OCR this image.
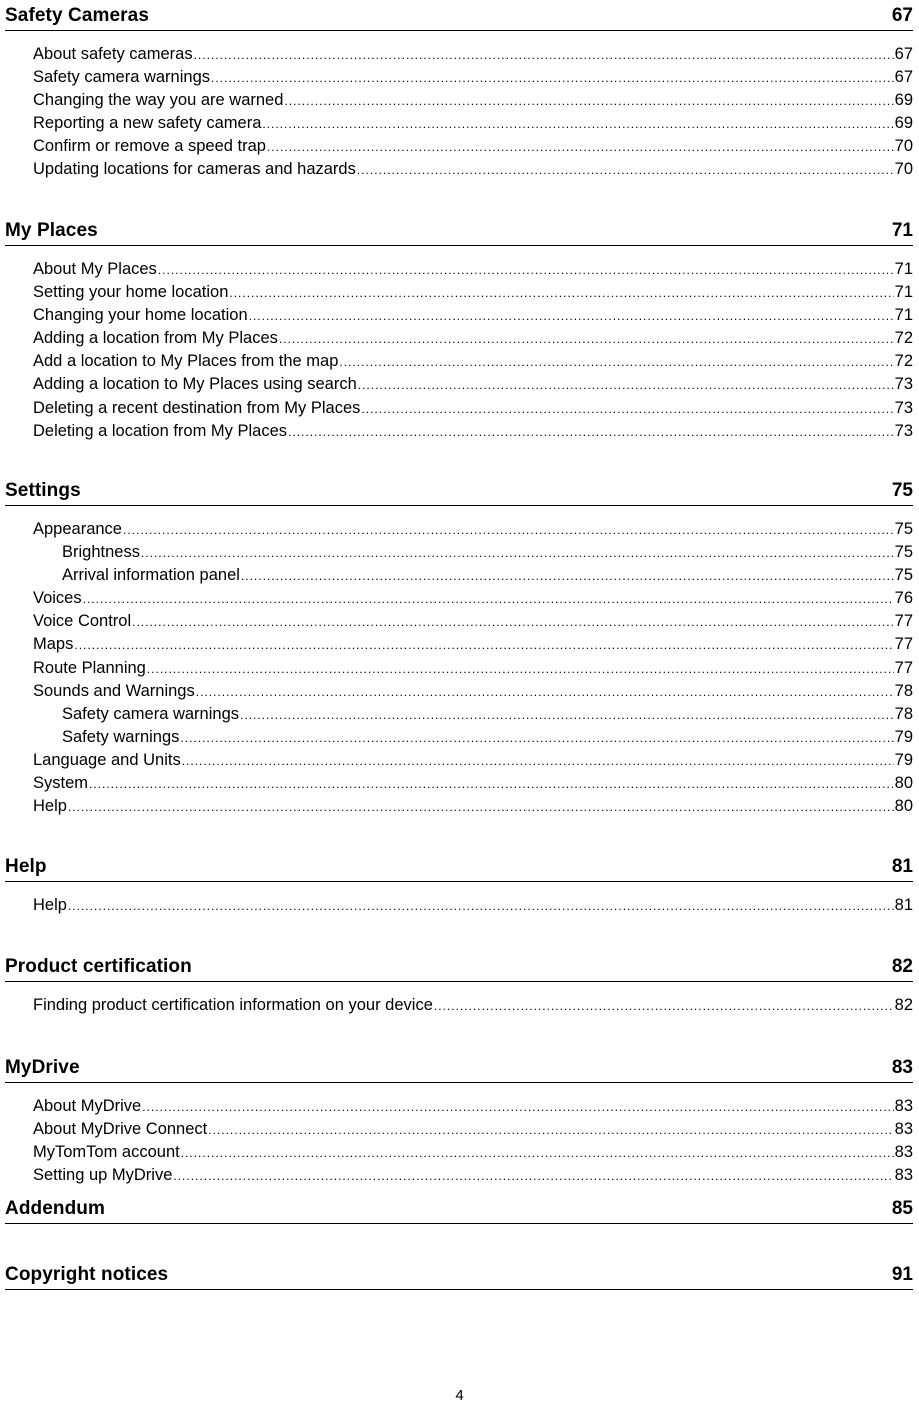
Safety Cameras	67
About safety cameras .....	67
Safety camera warnings .....	67
Changing the way you are warned .....	69
Reporting a new safety camera .....	69
Confirm or remove a speed trap .....	70
Updating locations for cameras and hazards .....	70
My Places	71
About My Places .....	71
Setting your home location .....	71
Changing your home location .....	71
Adding a location from My Places .....	72
Add a location to My Places from the map .....	72
Adding a location to My Places using search .....	73
Deleting a recent destination from My Places .....	73
Deleting a location from My Places .....	73
Settings	75
Appearance .....	75
Brightness .....	75
Arrival information panel .....	75
Voices .....	76
Voice Control .....	77
Maps .....	77
Route Planning .....	77
Sounds and Warnings .....	78
Safety camera warnings .....	78
Safety warnings .....	79
Language and Units .....	79
System .....	80
Help .....	80
Help	81
Help .....	81
Product certification	82
Finding product certification information on your device .....	82
MyDrive	83
About MyDrive .....	83
About MyDrive Connect .....	83
MyTomTom account .....	83
Setting up MyDrive .....	83
Addendum	85
Copyright notices	91
4
